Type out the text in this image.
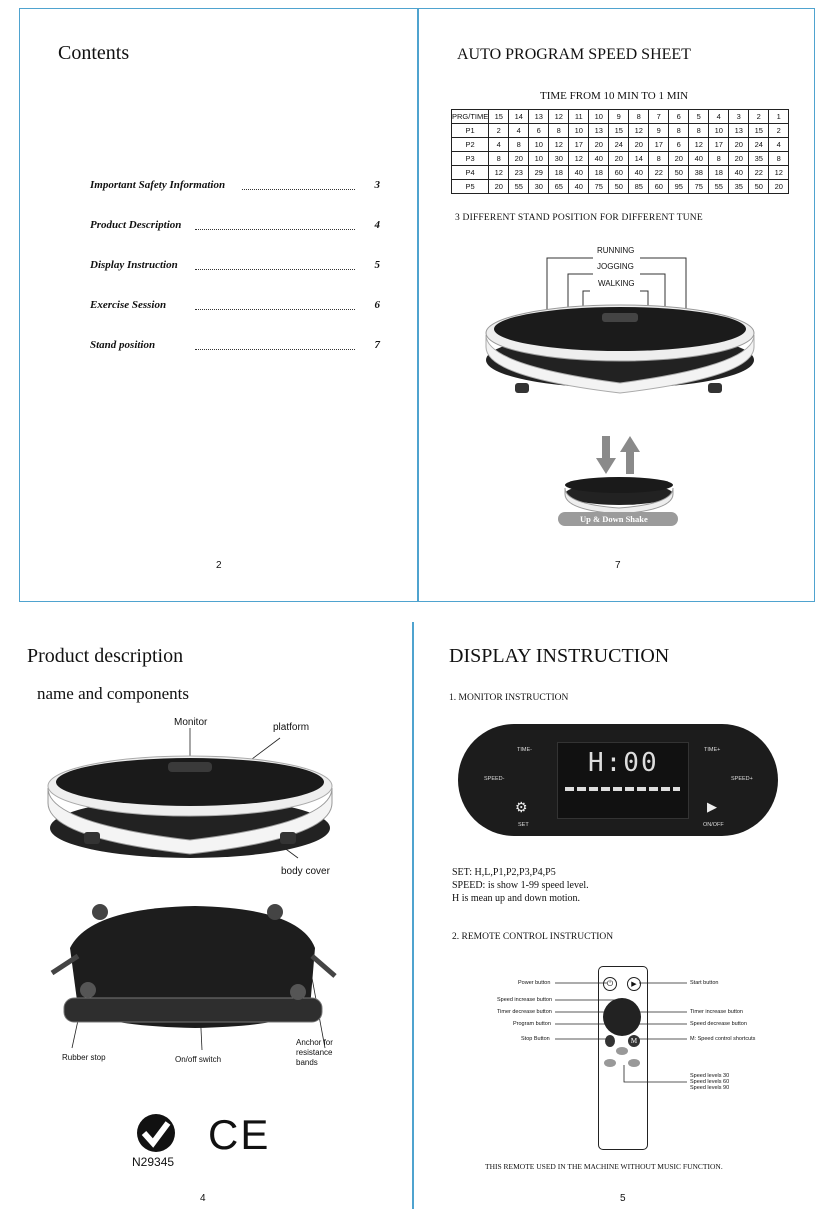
Contents
Important Safety Information	3
Product Description	4
Display Instruction	5
Exercise Session	6
Stand position	7
2
AUTO PROGRAM SPEED SHEET
TIME FROM 10 MIN TO 1 MIN
PRG/TIME	15	14	13	12	11	10	9	8	7	6	5	4	3	2	1
P1	2	4	6	8	10	13	15	12	9	8	8	10	13	15	2
P2	4	8	10	12	17	20	24	20	17	6	12	17	20	24	4
P3	8	20	10	30	12	40	20	14	8	20	40	8	20	35	8
P4	12	23	29	18	40	18	60	40	22	50	38	18	40	22	12
P5	20	55	30	65	40	75	50	85	60	95	75	55	35	50	20
3 DIFFERENT STAND POSITION FOR DIFFERENT TUNE
RUNNING
JOGGING
WALKING
Up & Down Shake
7
Product description
name and components
Monitor	platform
body cover
Rubber stop	On/off switch
Anchor for resistance bands
N29345
CE
4
DISPLAY INSTRUCTION
1. MONITOR INSTRUCTION
H:00
TIME-	TIME+
SPEED-	SPEED+
⚙
SET
▶
ON/OFF
SET: H,L,P1,P2,P3,P4,P5
SPEED: is show 1-99 speed level.
H is mean up and down motion.
2. REMOTE CONTROL INSTRUCTION
⏻	▶
M
Power button
Speed increase button
Timer decrease button
Program button
Stop Button
Start button
Timer increase button
Speed decrease button
M: Speed control shortcuts
Speed levels 30
Speed levels 60
Speed levels 90
THIS REMOTE USED IN THE MACHINE WITHOUT MUSIC FUNCTION.
5
